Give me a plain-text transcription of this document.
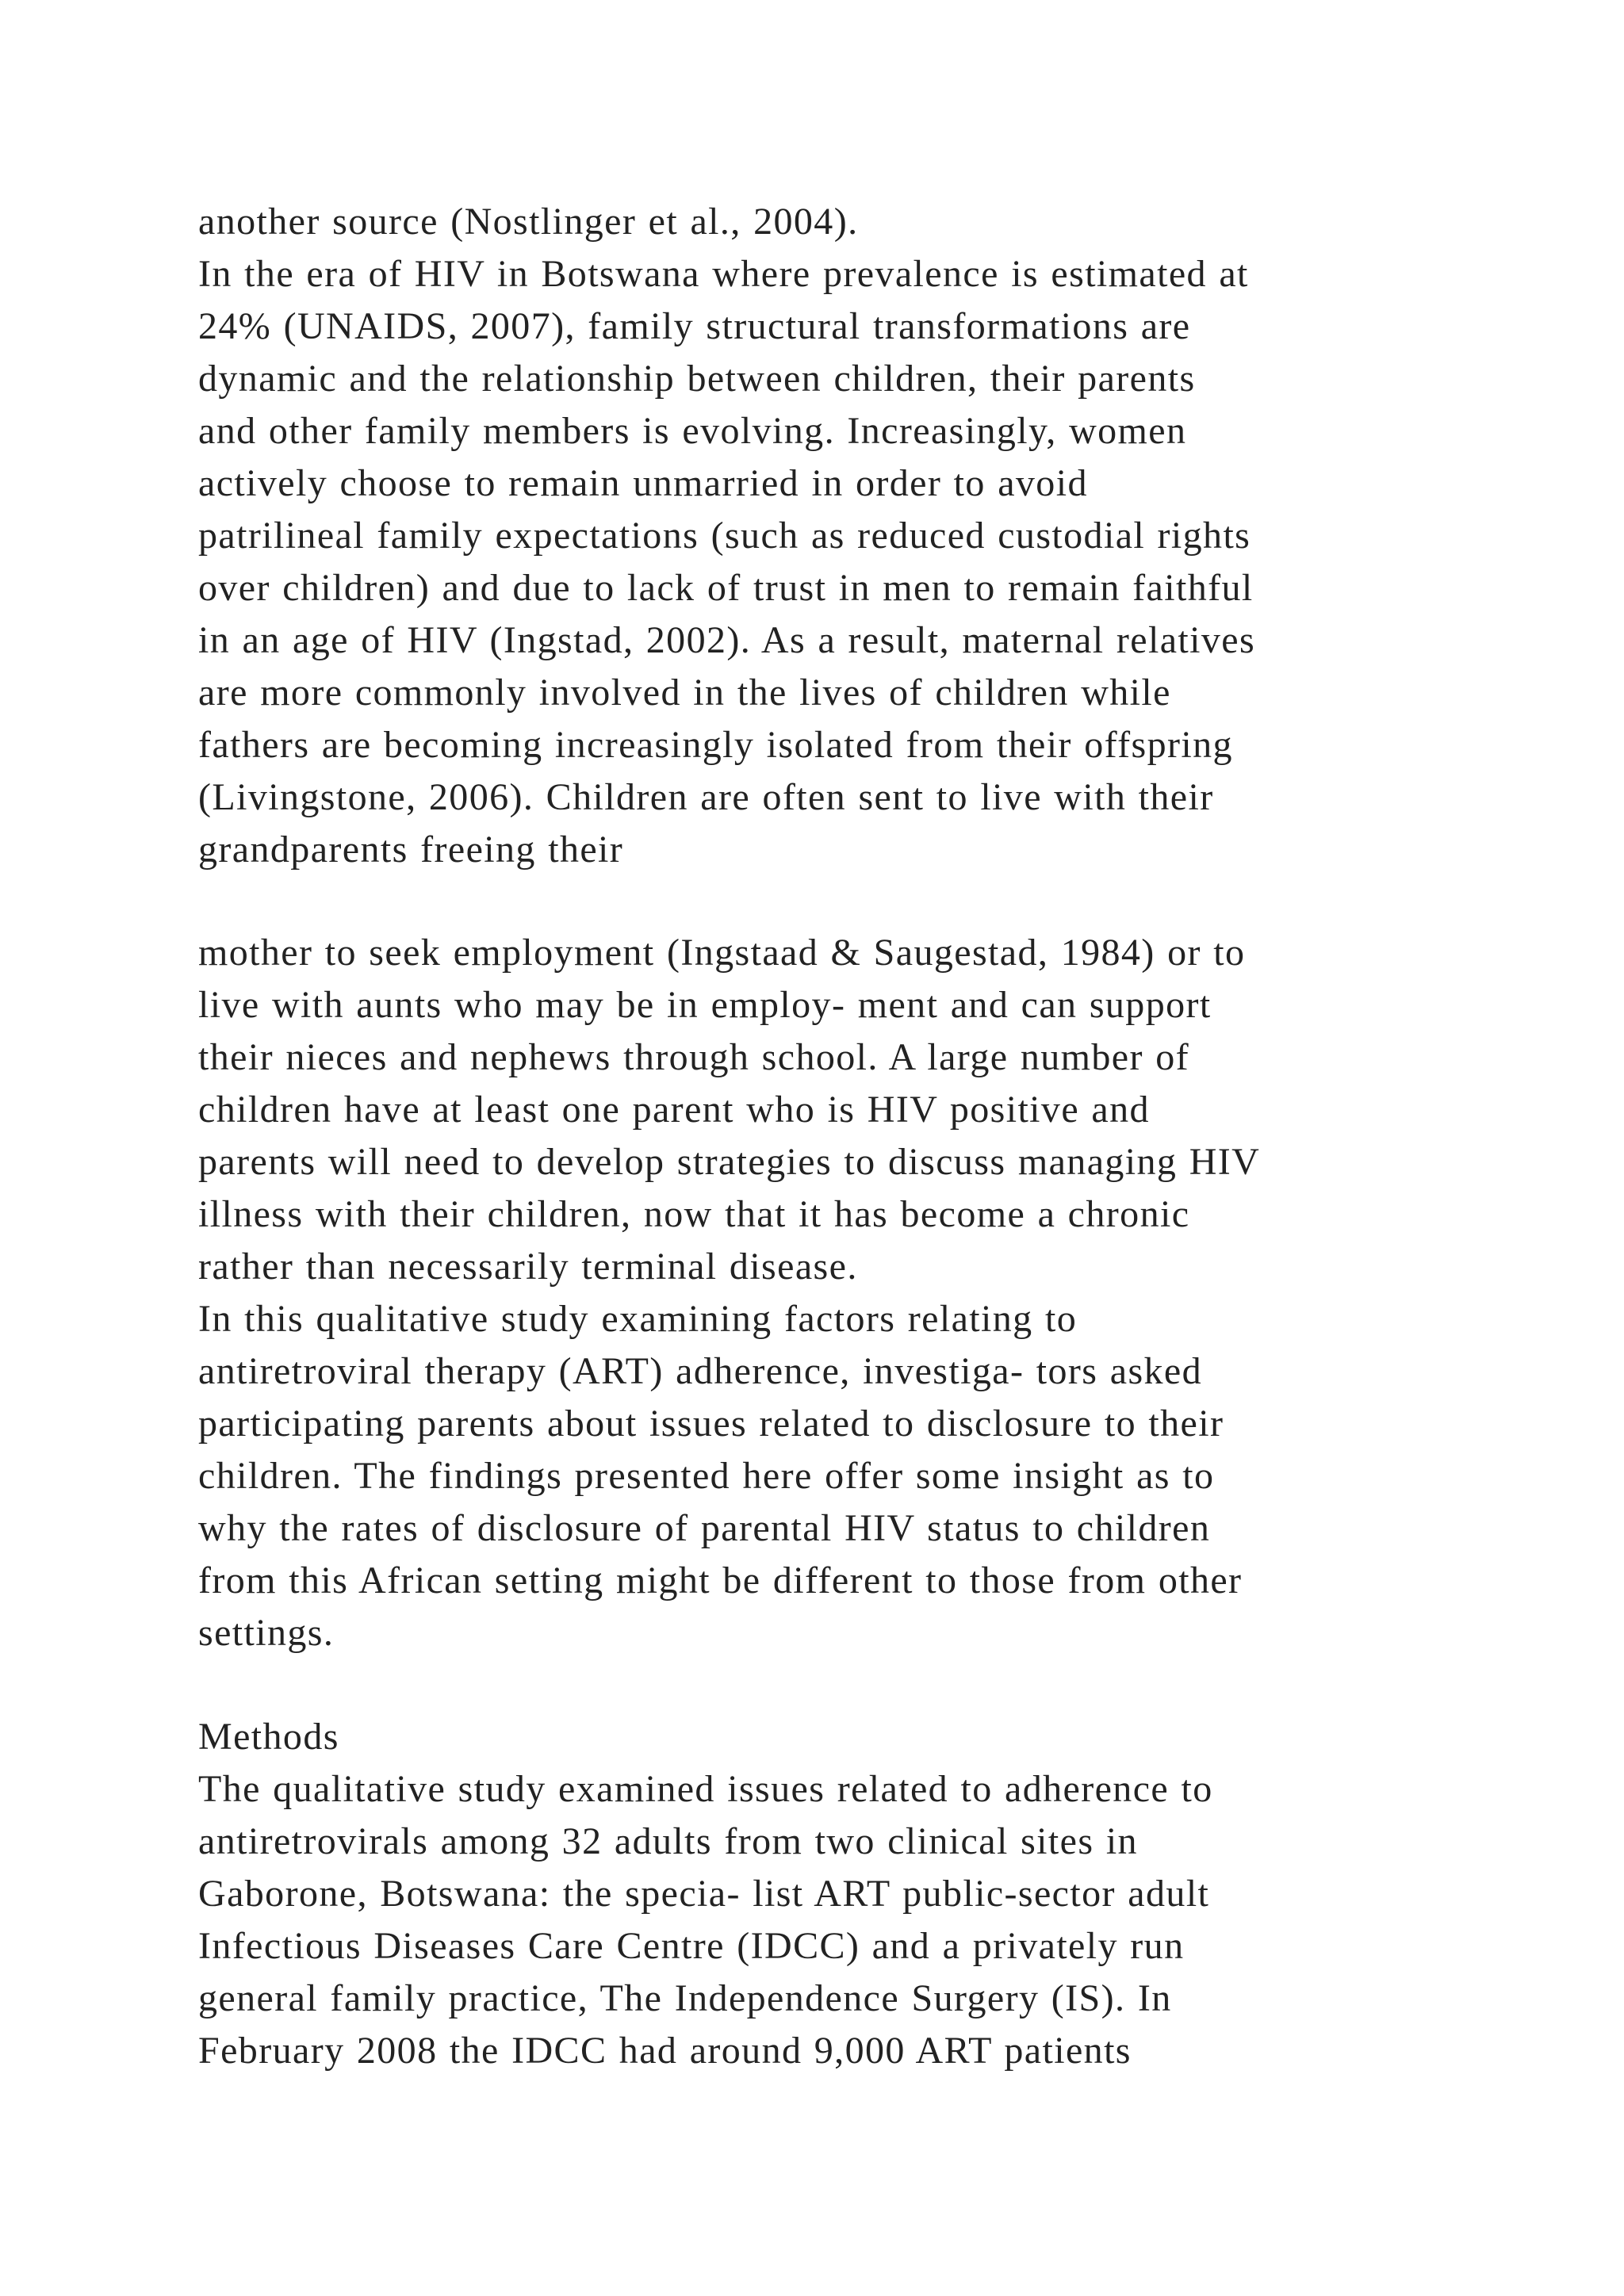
another source (Nostlinger et al., 2004).
In the era of HIV in Botswana where prevalence is estimated at
24% (UNAIDS, 2007), family structural transformations are
dynamic and the relationship between children, their parents
and other family members is evolving. Increasingly, women
actively choose to remain unmarried in order to avoid
patrilineal family expectations (such as reduced custodial rights
over children) and due to lack of trust in men to remain faithful
in an age of HIV (Ingstad, 2002). As a result, maternal relatives
are more commonly involved in the lives of children while
fathers are becoming increasingly isolated from their offspring
(Livingstone, 2006). Children are often sent to live with their
grandparents freeing their
mother to seek employment (Ingstaad & Saugestad, 1984) or to
live with aunts who may be in employ- ment and can support
their nieces and nephews through school. A large number of
children have at least one parent who is HIV positive and
parents will need to develop strategies to discuss managing HIV
illness with their children, now that it has become a chronic
rather than necessarily terminal disease.
In this qualitative study examining factors relating to
antiretroviral therapy (ART) adherence, investiga- tors asked
participating parents about issues related to disclosure to their
children. The findings presented here offer some insight as to
why the rates of disclosure of parental HIV status to children
from this African setting might be different to those from other
settings.
Methods
The qualitative study examined issues related to adherence to
antiretrovirals among 32 adults from two clinical sites in
Gaborone, Botswana: the specia- list ART public-sector adult
Infectious Diseases Care Centre (IDCC) and a privately run
general family practice, The Independence Surgery (IS). In
February 2008 the IDCC had around 9,000 ART patients
